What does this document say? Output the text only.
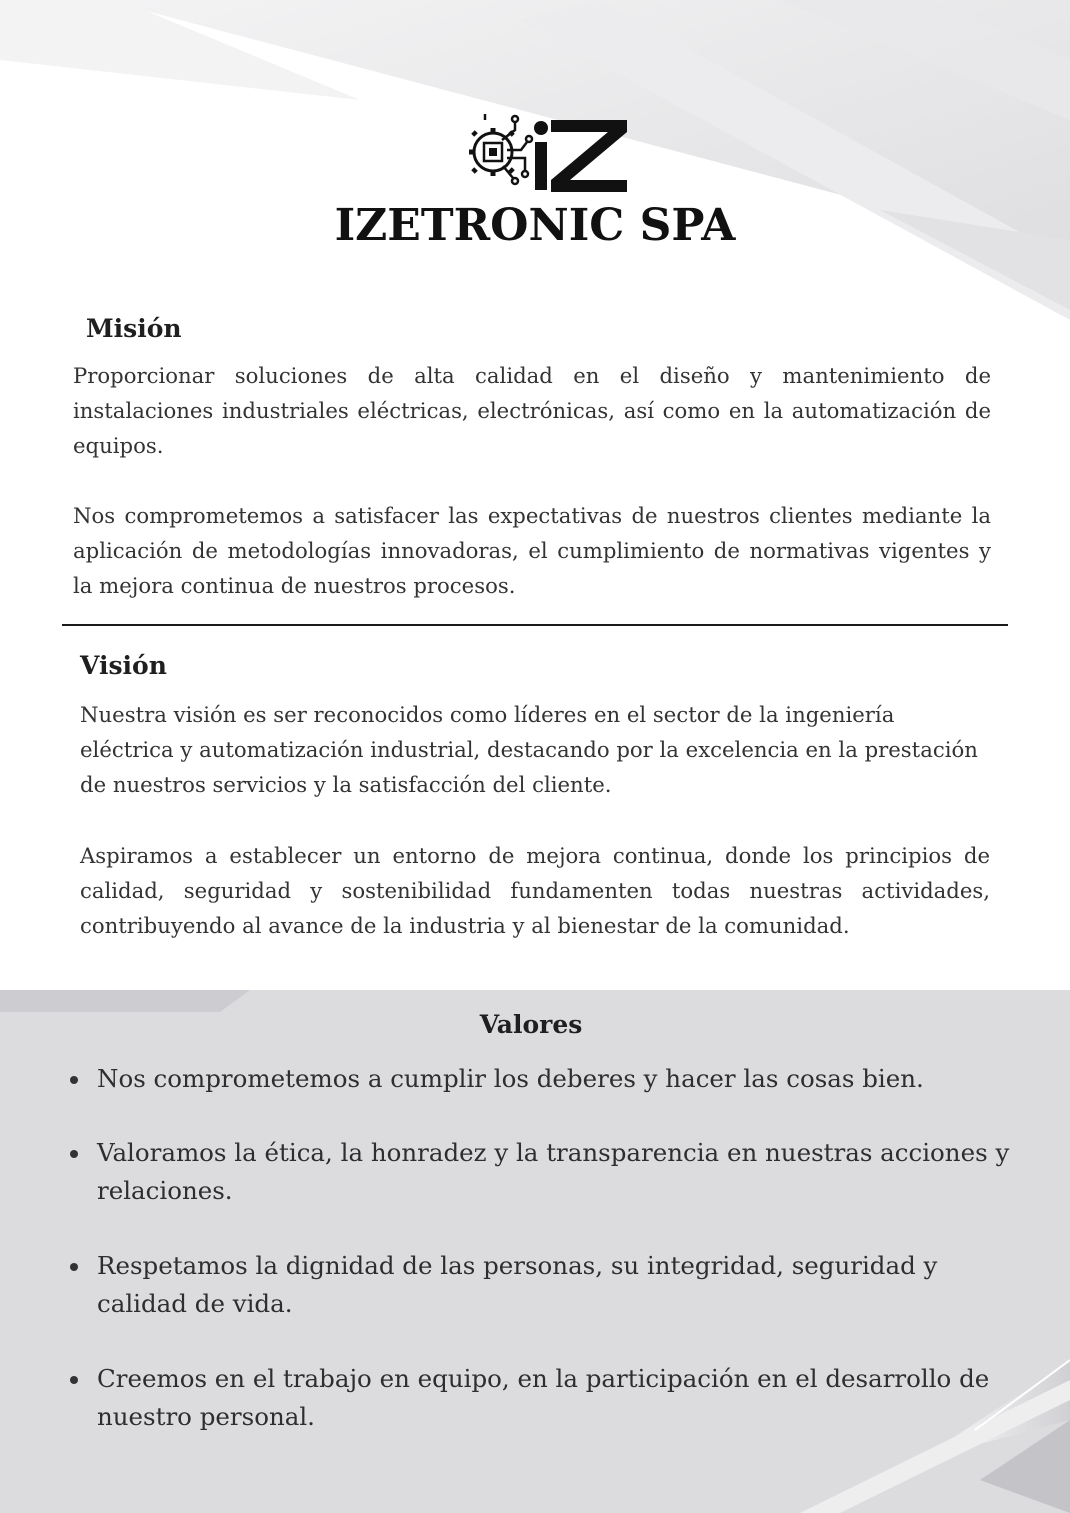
IZETRONIC SPA
Misión

Proporcionar soluciones de alta calidad en el diseño y mantenimiento de instalaciones industriales eléctricas, electrónicas, así como en la automatización de equipos.

Nos comprometemos a satisfacer las expectativas de nuestros clientes mediante la aplicación de metodologías innovadoras, el cumplimiento de normativas vigentes y la mejora continua de nuestros procesos.

Visión

Nuestra visión es ser reconocidos como líderes en el sector de la ingeniería eléctrica y automatización industrial, destacando por la excelencia en la prestación de nuestros servicios y la satisfacción del cliente.

Aspiramos a establecer un entorno de mejora continua, donde los principios de calidad, seguridad y sostenibilidad fundamenten todas nuestras actividades, contribuyendo al avance de la industria y al bienestar de la comunidad.

Valores
Nos comprometemos a cumplir los deberes y hacer las cosas bien.
Valoramos la ética, la honradez y la transparencia en nuestras acciones y relaciones.
Respetamos la dignidad de las personas, su integridad, seguridad y calidad de vida.
Creemos en el trabajo en equipo, en la participación en el desarrollo de nuestro personal.
